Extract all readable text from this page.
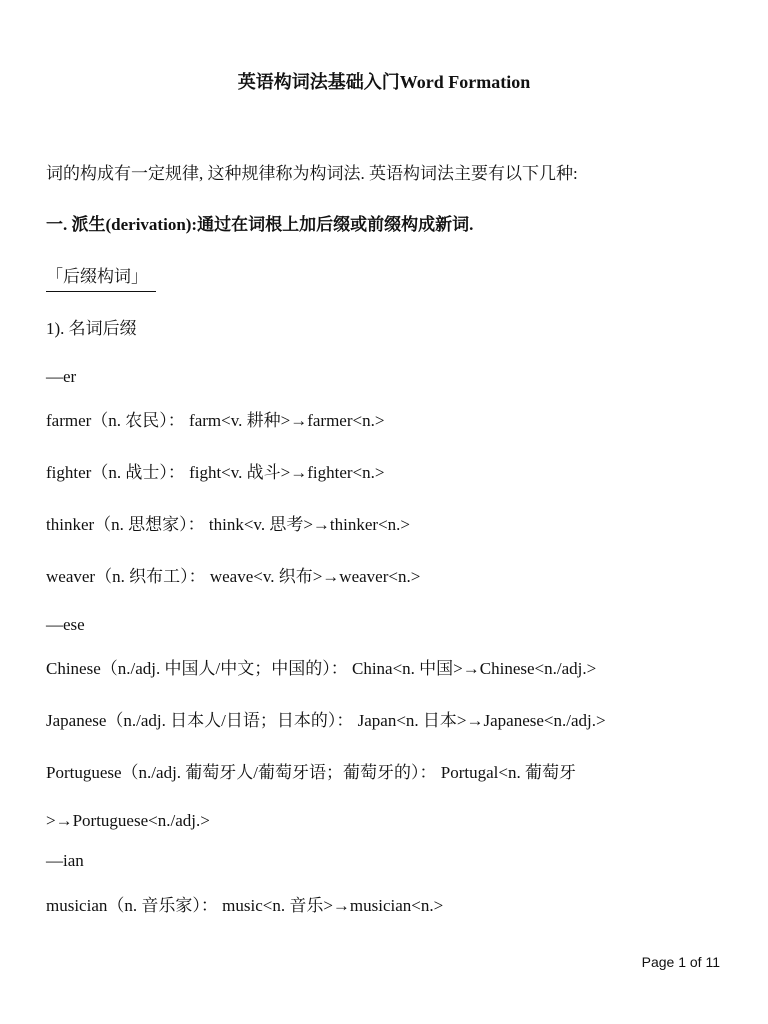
英语构词法基础入门Word Formation
词的构成有一定规律, 这种规律称为构词法. 英语构词法主要有以下几种:
一. 派生(derivation):通过在词根上加后缀或前缀构成新词.
「后缀构词」
1). 名词后缀
—er
farmer（n. 农民）： farm<v. 耕种>→farmer<n.>
fighter（n. 战士）： fight<v. 战斗>→fighter<n.>
thinker（n. 思想家）： think<v. 思考>→thinker<n.>
weaver（n. 织布工）： weave<v. 织布>→weaver<n.>
—ese
Chinese（n./adj. 中国人/中文；中国的）： China<n. 中国>→Chinese<n./adj.>
Japanese（n./adj. 日本人/日语；日本的）： Japan<n. 日本>→Japanese<n./adj.>
Portuguese（n./adj. 葡萄牙人/葡萄牙语；葡萄牙的）： Portugal<n. 葡萄牙
>→Portuguese<n./adj.>
—ian
musician（n. 音乐家）： music<n. 音乐>→musician<n.>
Page 1 of 11
